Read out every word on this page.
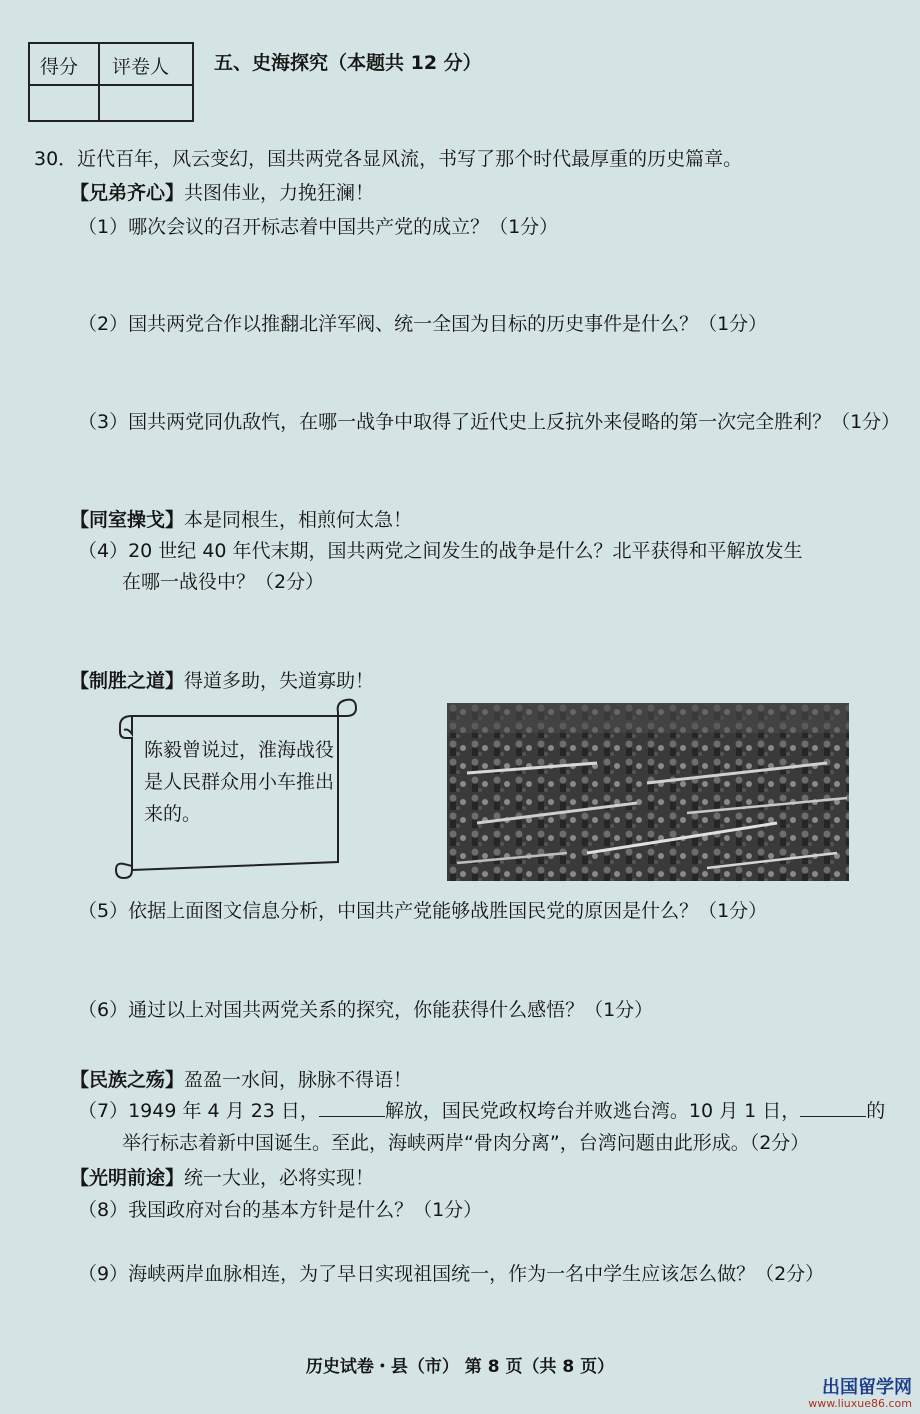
得分 评卷人 五、史海探究（本题共 12 分）
30．近代百年，风云变幻，国共两党各显风流，书写了那个时代最厚重的历史篇章。
【兄弟齐心】共图伟业，力挽狂澜！
（1）哪次会议的召开标志着中国共产党的成立？（1分）
（2）国共两党合作以推翻北洋军阀、统一全国为目标的历史事件是什么？（1分）
（3）国共两党同仇敌忾，在哪一战争中取得了近代史上反抗外来侵略的第一次完全胜利？（1分）
【同室操戈】本是同根生，相煎何太急！
（4）20 世纪 40 年代末期，国共两党之间发生的战争是什么？北平获得和平解放发生
在哪一战役中？（2分）
【制胜之道】得道多助，失道寡助！
陈毅曾说过，淮海战役是人民群众用小车推出来的。
（5）依据上面图文信息分析，中国共产党能够战胜国民党的原因是什么？（1分）
（6）通过以上对国共两党关系的探究，你能获得什么感悟？（1分）
【民族之殇】盈盈一水间，脉脉不得语！
（7）1949 年 4 月 23 日，	解放，国民党政权垮台并败逃台湾。10 月 1 日，	的
举行标志着新中国诞生。至此，海峡两岸“骨肉分离”，台湾问题由此形成。（2分）
【光明前途】统一大业，必将实现！
（8）我国政府对台的基本方针是什么？（1分）
（9）海峡两岸血脉相连，为了早日实现祖国统一，作为一名中学生应该怎么做？（2分）
历史试卷・县（市） 第 8 页（共 8 页）
出国留学网
www.liuxue86.com
